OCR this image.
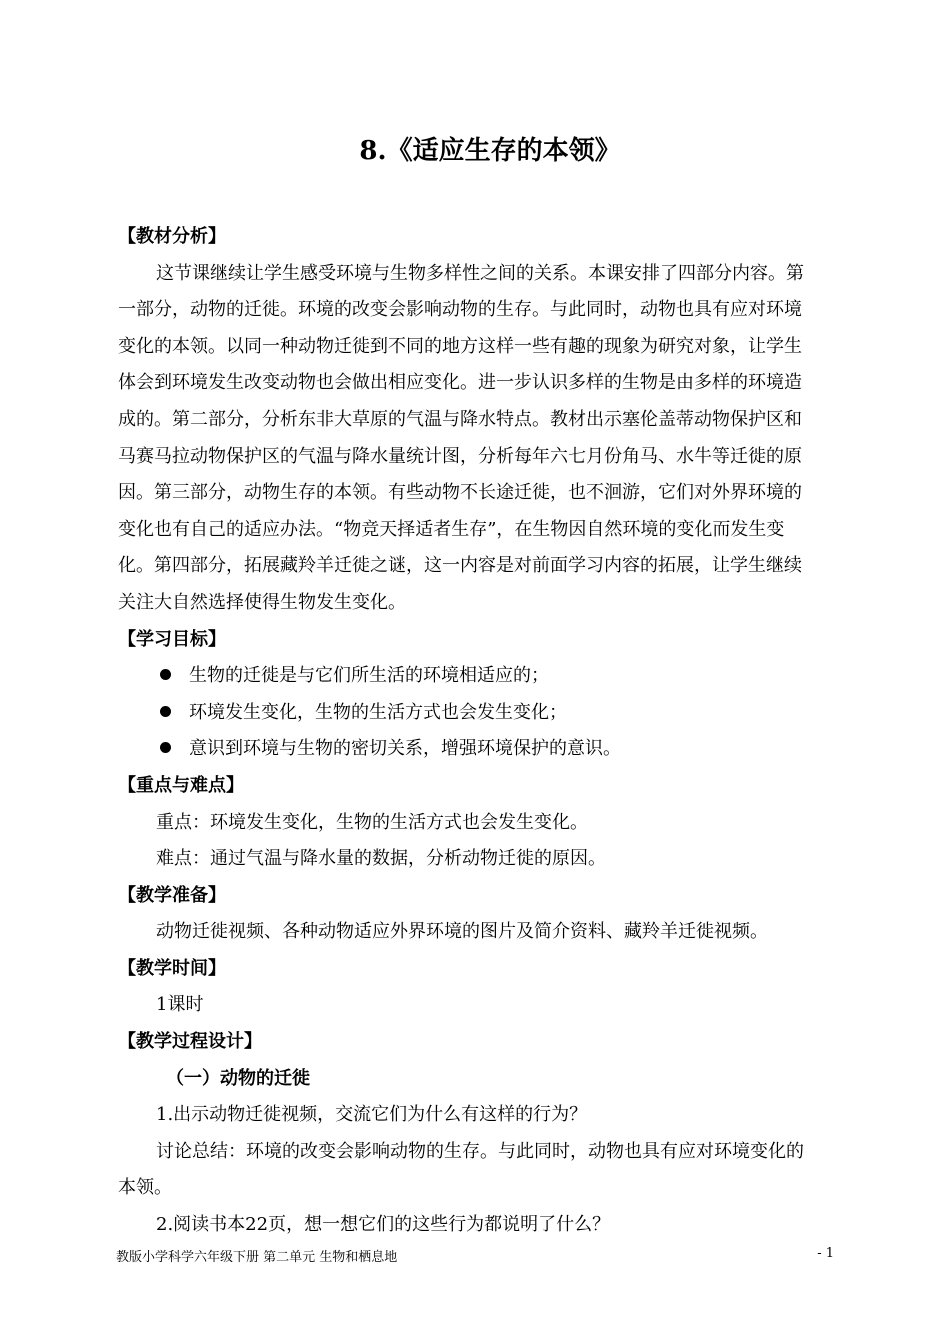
8.《适应生存的本领》
【教材分析】
这节课继续让学生感受环境与生物多样性之间的关系。本课安排了四部分内容。第
一部分，动物的迁徙。环境的改变会影响动物的生存。与此同时，动物也具有应对环境
变化的本领。以同一种动物迁徙到不同的地方这样一些有趣的现象为研究对象，让学生
体会到环境发生改变动物也会做出相应变化。进一步认识多样的生物是由多样的环境造
成的。第二部分，分析东非大草原的气温与降水特点。教材出示塞伦盖蒂动物保护区和
马赛马拉动物保护区的气温与降水量统计图，分析每年六七月份角马、水牛等迁徙的原
因。第三部分，动物生存的本领。有些动物不长途迁徙，也不洄游，它们对外界环境的
变化也有自己的适应办法。“物竞天择适者生存”，在生物因自然环境的变化而发生变
化。第四部分，拓展藏羚羊迁徙之谜，这一内容是对前面学习内容的拓展，让学生继续
关注大自然选择使得生物发生变化。
【学习目标】
生物的迁徙是与它们所生活的环境相适应的；
环境发生变化，生物的生活方式也会发生变化；
意识到环境与生物的密切关系，增强环境保护的意识。
【重点与难点】
重点：环境发生变化，生物的生活方式也会发生变化。
难点：通过气温与降水量的数据，分析动物迁徙的原因。
【教学准备】
动物迁徙视频、各种动物适应外界环境的图片及简介资料、藏羚羊迁徙视频。
【教学时间】
1课时
【教学过程设计】
（一）动物的迁徙
1.出示动物迁徙视频，交流它们为什么有这样的行为？
讨论总结：环境的改变会影响动物的生存。与此同时，动物也具有应对环境变化的
本领。
2.阅读书本22页，想一想它们的这些行为都说明了什么？
教版小学科学六年级下册 第二单元 生物和栖息地	- 1
